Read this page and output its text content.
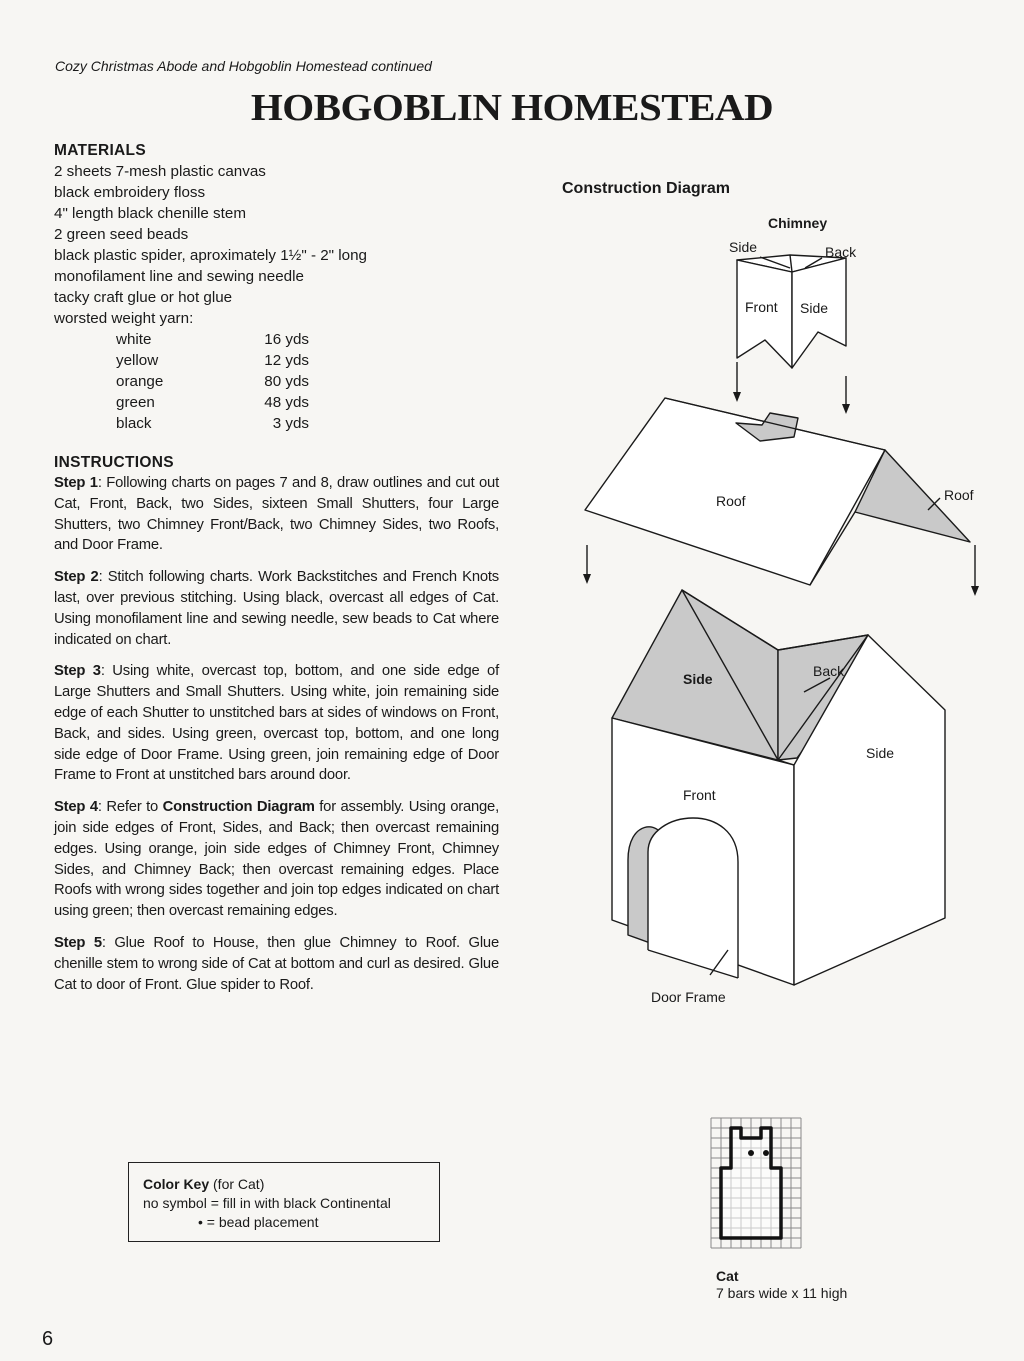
Cozy Christmas Abode and Hobgoblin Homestead continued
HOBGOBLIN HOMESTEAD
MATERIALS
2 sheets 7-mesh plastic canvas
black embroidery floss
4" length black chenille stem
2 green seed beads
black plastic spider, aproximately 1½" - 2" long
monofilament line and sewing needle
tacky craft glue or hot glue
worsted weight yarn:
white	16 yds
yellow	12 yds
orange	80 yds
green	48 yds
black	3 yds
INSTRUCTIONS
Step 1: Following charts on pages 7 and 8, draw outlines and cut out Cat, Front, Back, two Sides, sixteen Small Shutters, four Large Shutters, two Chimney Front/Back, two Chimney Sides, two Roofs, and Door Frame.
Step 2: Stitch following charts. Work Backstitches and French Knots last, over previous stitching. Using black, overcast all edges of Cat. Using monofilament line and sewing needle, sew beads to Cat where indicated on chart.
Step 3: Using white, overcast top, bottom, and one side edge of Large Shutters and Small Shutters. Using white, join remaining side edge of each Shutter to unstitched bars at sides of windows on Front, Back, and sides. Using green, overcast top, bottom, and one long side edge of Door Frame. Using green, join remaining edge of Door Frame to Front at unstitched bars around door.
Step 4: Refer to Construction Diagram for assembly. Using orange, join side edges of Front, Sides, and Back; then overcast remaining edges. Using orange, join side edges of Chimney Front, Chimney Sides, and Chimney Back; then overcast remaining edges. Place Roofs with wrong sides together and join top edges indicated on chart using green; then overcast remaining edges.
Step 5: Glue Roof to House, then glue Chimney to Roof. Glue chenille stem to wrong side of Cat at bottom and curl as desired. Glue Cat to door of Front. Glue spider to Roof.
Color Key (for Cat)
no symbol = fill in with black Continental
• = bead placement
6
Construction Diagram
Chimney
Side	Back
Front Side
Roof	Roof
Side	Back
Side
Front
Door Frame
Cat
7 bars wide x 11 high
